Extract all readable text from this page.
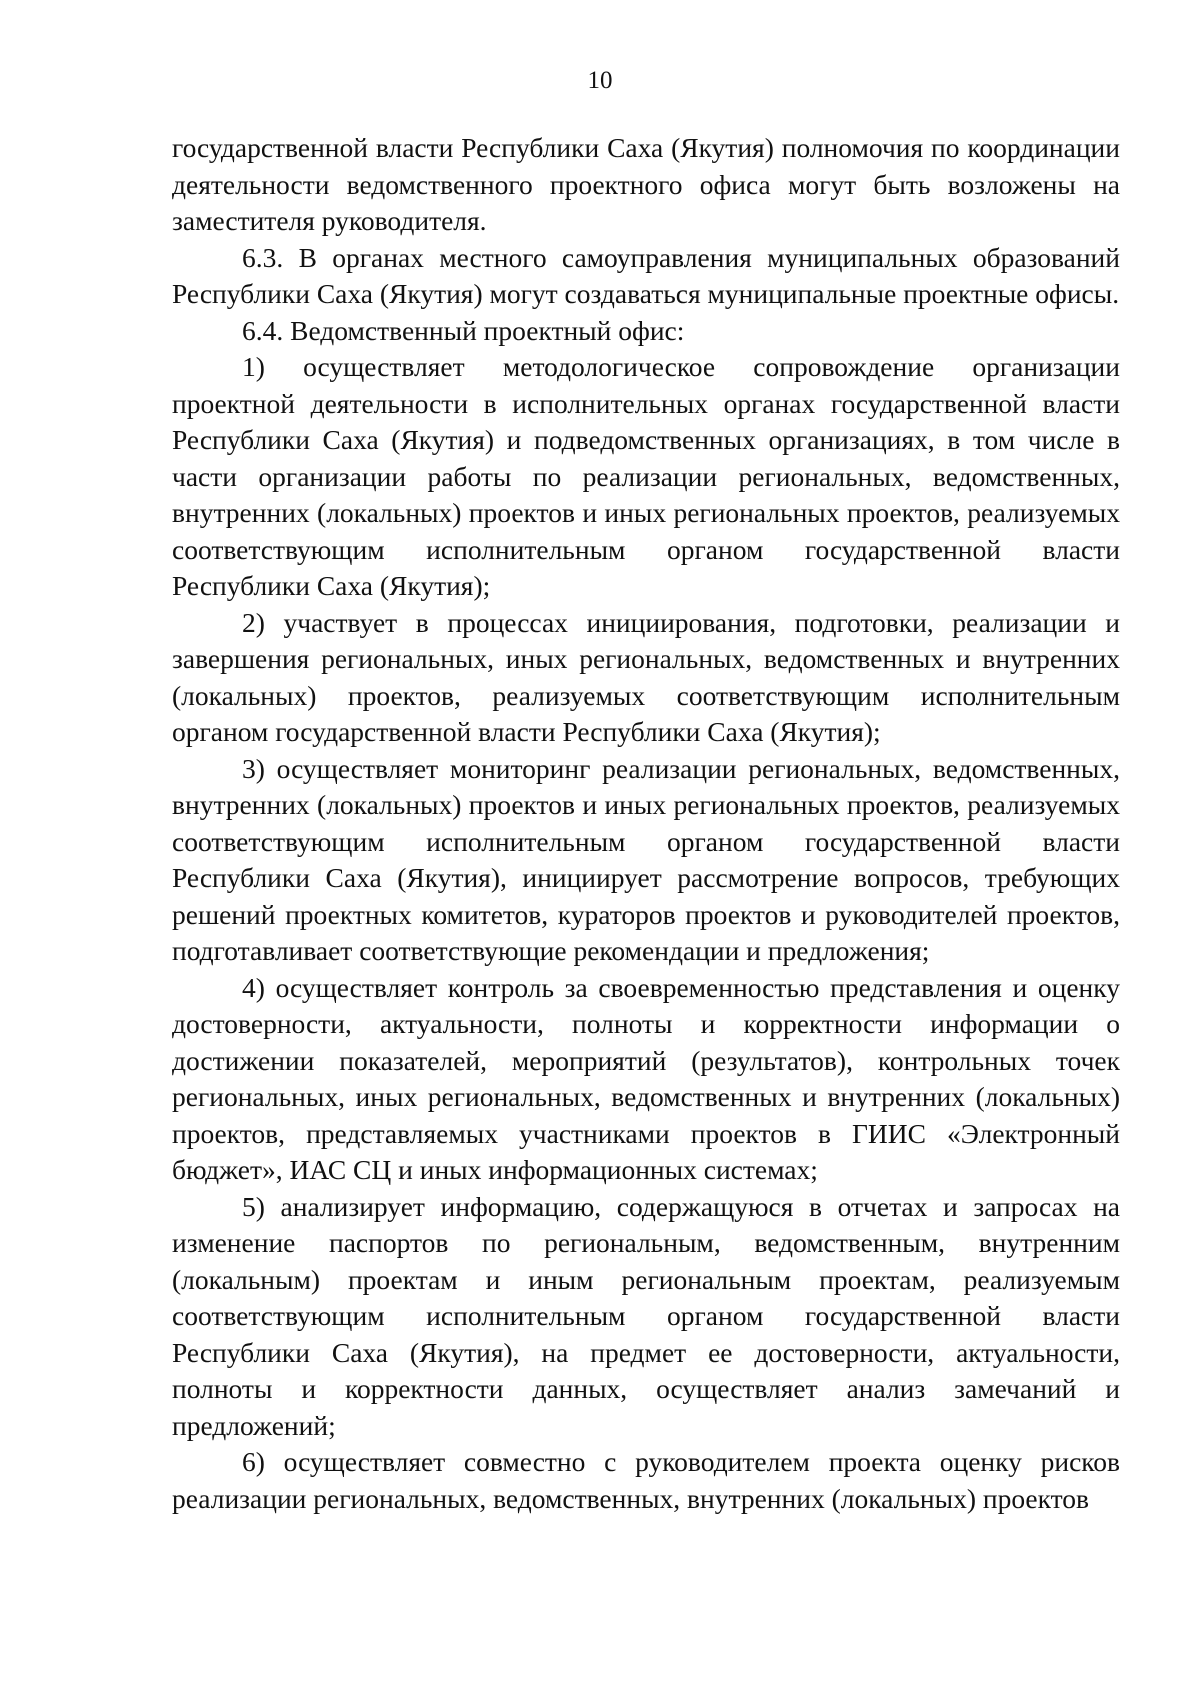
10

государственной власти Республики Саха (Якутия) полномочия по координации деятельности ведомственного проектного офиса могут быть возложены на заместителя руководителя.

6.3. В органах местного самоуправления муниципальных образований Республики Саха (Якутия) могут создаваться муниципальные проектные офисы.

6.4. Ведомственный проектный офис:

1) осуществляет методологическое сопровождение организации проектной деятельности в исполнительных органах государственной власти Республики Саха (Якутия) и подведомственных организациях, в том числе в части организации работы по реализации региональных, ведомственных, внутренних (локальных) проектов и иных региональных проектов, реализуемых соответствующим исполнительным органом государственной власти Республики Саха (Якутия);

2) участвует в процессах инициирования, подготовки, реализации и завершения региональных, иных региональных, ведомственных и внутренних (локальных) проектов, реализуемых соответствующим исполнительным органом государственной власти Республики Саха (Якутия);

3) осуществляет мониторинг реализации региональных, ведомственных, внутренних (локальных) проектов и иных региональных проектов, реализуемых соответствующим исполнительным органом государственной власти Республики Саха (Якутия), инициирует рассмотрение вопросов, требующих решений проектных комитетов, кураторов проектов и руководителей проектов, подготавливает соответствующие рекомендации и предложения;

4) осуществляет контроль за своевременностью представления и оценку достоверности, актуальности, полноты и корректности информации о достижении показателей, мероприятий (результатов), контрольных точек региональных, иных региональных, ведомственных и внутренних (локальных) проектов, представляемых участниками проектов в ГИИС «Электронный бюджет», ИАС СЦ и иных информационных системах;

5) анализирует информацию, содержащуюся в отчетах и запросах на изменение паспортов по региональным, ведомственным, внутренним (локальным) проектам и иным региональным проектам, реализуемым соответствующим исполнительным органом государственной власти Республики Саха (Якутия), на предмет ее достоверности, актуальности, полноты и корректности данных, осуществляет анализ замечаний и предложений;

6) осуществляет совместно с руководителем проекта оценку рисков реализации региональных, ведомственных, внутренних (локальных) проектов
